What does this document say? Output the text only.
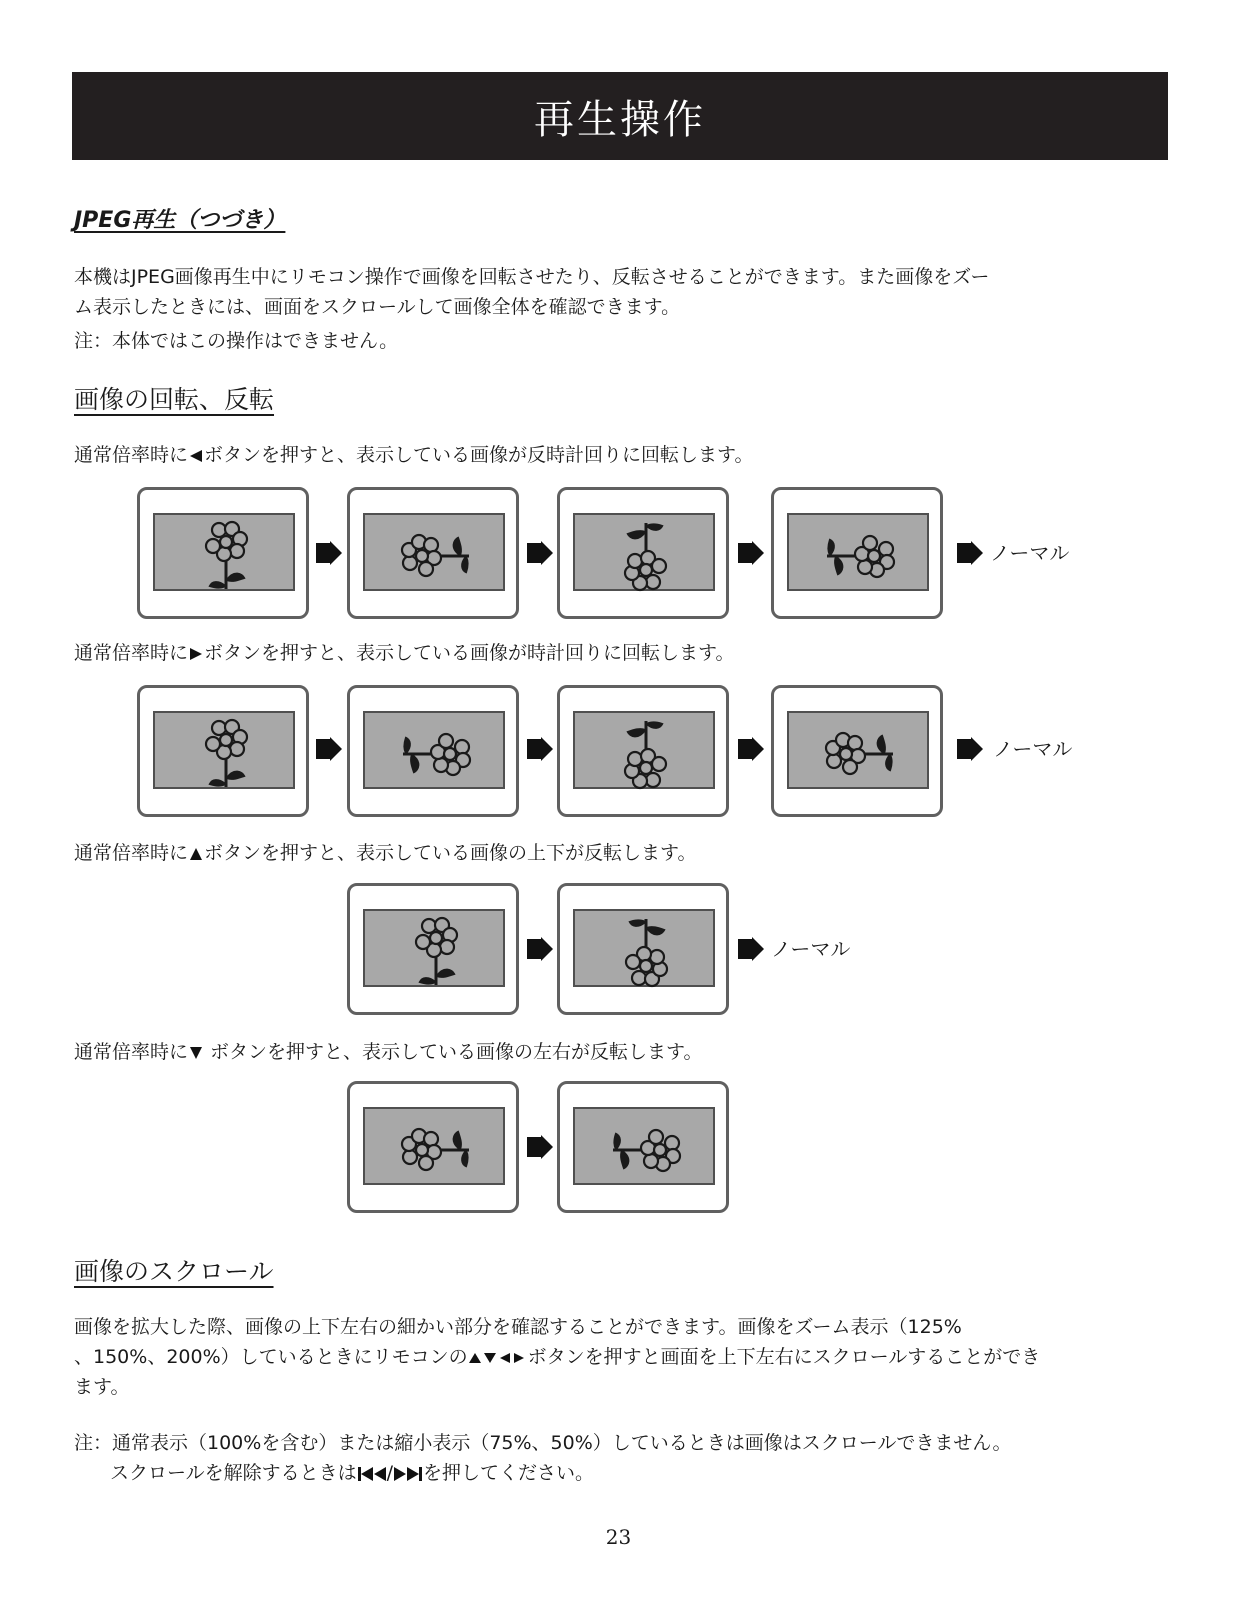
再生操作
JPEG再生（つづき）
本機はJPEG画像再生中にリモコン操作で画像を回転させたり、反転させることができます。また画像をズー
ム表示したときには、画面をスクロールして画像全体を確認できます。
注：本体ではこの操作はできません。
画像の回転、反転
通常倍率時に ボタンを押すと、表示している画像が反時計回りに回転します。
ノーマル
通常倍率時に ボタンを押すと、表示している画像が時計回りに回転します。
ノーマル
通常倍率時に ボタンを押すと、表示している画像の上下が反転します。
ノーマル
通常倍率時に ボタンを押すと、表示している画像の左右が反転します。
画像のスクロール
画像を拡大した際、画像の上下左右の細かい部分を確認することができます。画像をズーム表示（125%
、150%、200%）しているときにリモコンの	ボタンを押すと画面を上下左右にスクロールすることができ
ます。
注：通常表示（100%を含む）または縮小表示（75%、50%）しているときは画像はスクロールできません。
スクロールを解除するときは / を押してください。
23
